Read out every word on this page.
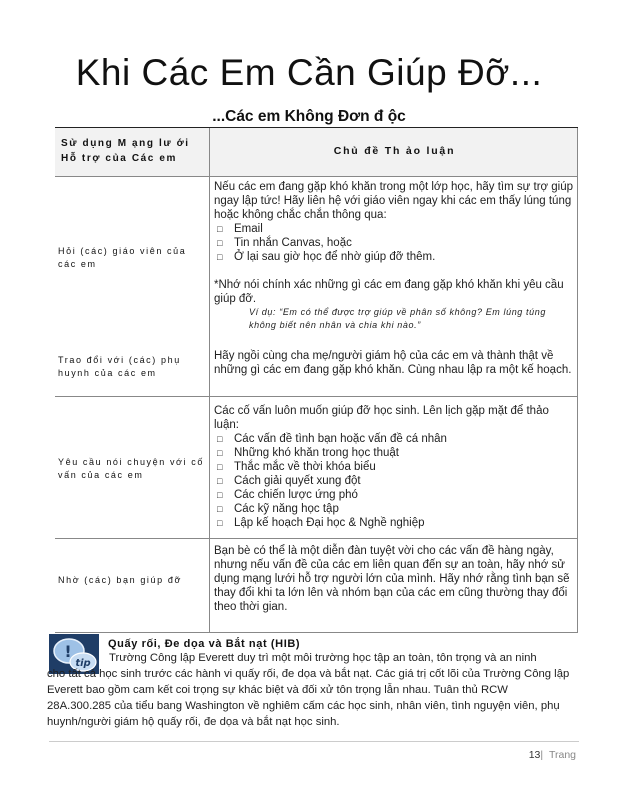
Khi Các Em Cần Giúp Đỡ...
...Các em Không Đơn đ ộc
Sử dụng M ạng lư ới
Hỗ trợ của Các em
Chủ đề Th ảo luận
Hỏi (các) giáo viên của các em

Nếu các em đang gặp khó khăn trong một lớp học, hãy tìm sự trợ giúp ngay lập tức! Hãy liên hệ với giáo viên ngay khi các em thấy lúng túng hoặc không chắc chắn thông qua:

□ Email
□ Tin nhắn Canvas, hoặc
□ Ở lại sau giờ học để nhờ giúp đỡ thêm.

*Nhớ nói chính xác những gì các em đang gặp khó khăn khi yêu cầu giúp đỡ.

Ví dụ: “Em có thể được trợ giúp về phân số không? Em lúng túng không biết nên nhân và chia khi nào.”

Trao đổi với (các) phụ huynh của các em
Hãy ngồi cùng cha mẹ/người giám hộ của các em và thành thật về những gì các em đang gặp khó khăn. Cùng nhau lập ra một kế hoạch.
Yêu cầu nói chuyện với cố vấn của các em

Các cố vấn luôn muốn giúp đỡ học sinh. Lên lịch gặp mặt để thảo luận:

□ Các vấn đề tình bạn hoặc vấn đề cá nhân
□ Những khó khăn trong học thuật
□ Thắc mắc về thời khóa biểu
□ Cách giải quyết xung đột
□ Các chiến lược ứng phó
□ Các kỹ năng học tập
□ Lập kế hoạch Đại học & Nghề nghiệp
Nhờ (các) bạn giúp đỡ
Bạn bè có thể là một diễn đàn tuyệt vời cho các vấn đề hàng ngày, nhưng nếu vấn đề của các em liên quan đến sự an toàn, hãy nhớ sử dụng mạng lưới hỗ trợ người lớn của mình. Hãy nhớ rằng tình bạn sẽ thay đổi khi ta lớn lên và nhóm bạn của các em cũng thường thay đổi theo thời gian.
!
tip
Quấy rối, Đe dọa và Bắt nạt (HIB)
Trường Công lập Everett duy trì một môi trường học tập an toàn, tôn trọng và an ninh
cho tất cả học sinh trước các hành vi quấy rối, đe dọa và bắt nạt. Các giá trị cốt lõi của Trường Công lập Everett bao gồm cam kết coi trọng sự khác biệt và đối xử tôn trọng lẫn nhau. Tuân thủ RCW 28A.300.285 của tiểu bang Washington về nghiêm cấm các học sinh, nhân viên, tình nguyện viên, phụ huynh/người giám hộ quấy rối, đe dọa và bắt nạt học sinh.
13| Trang
